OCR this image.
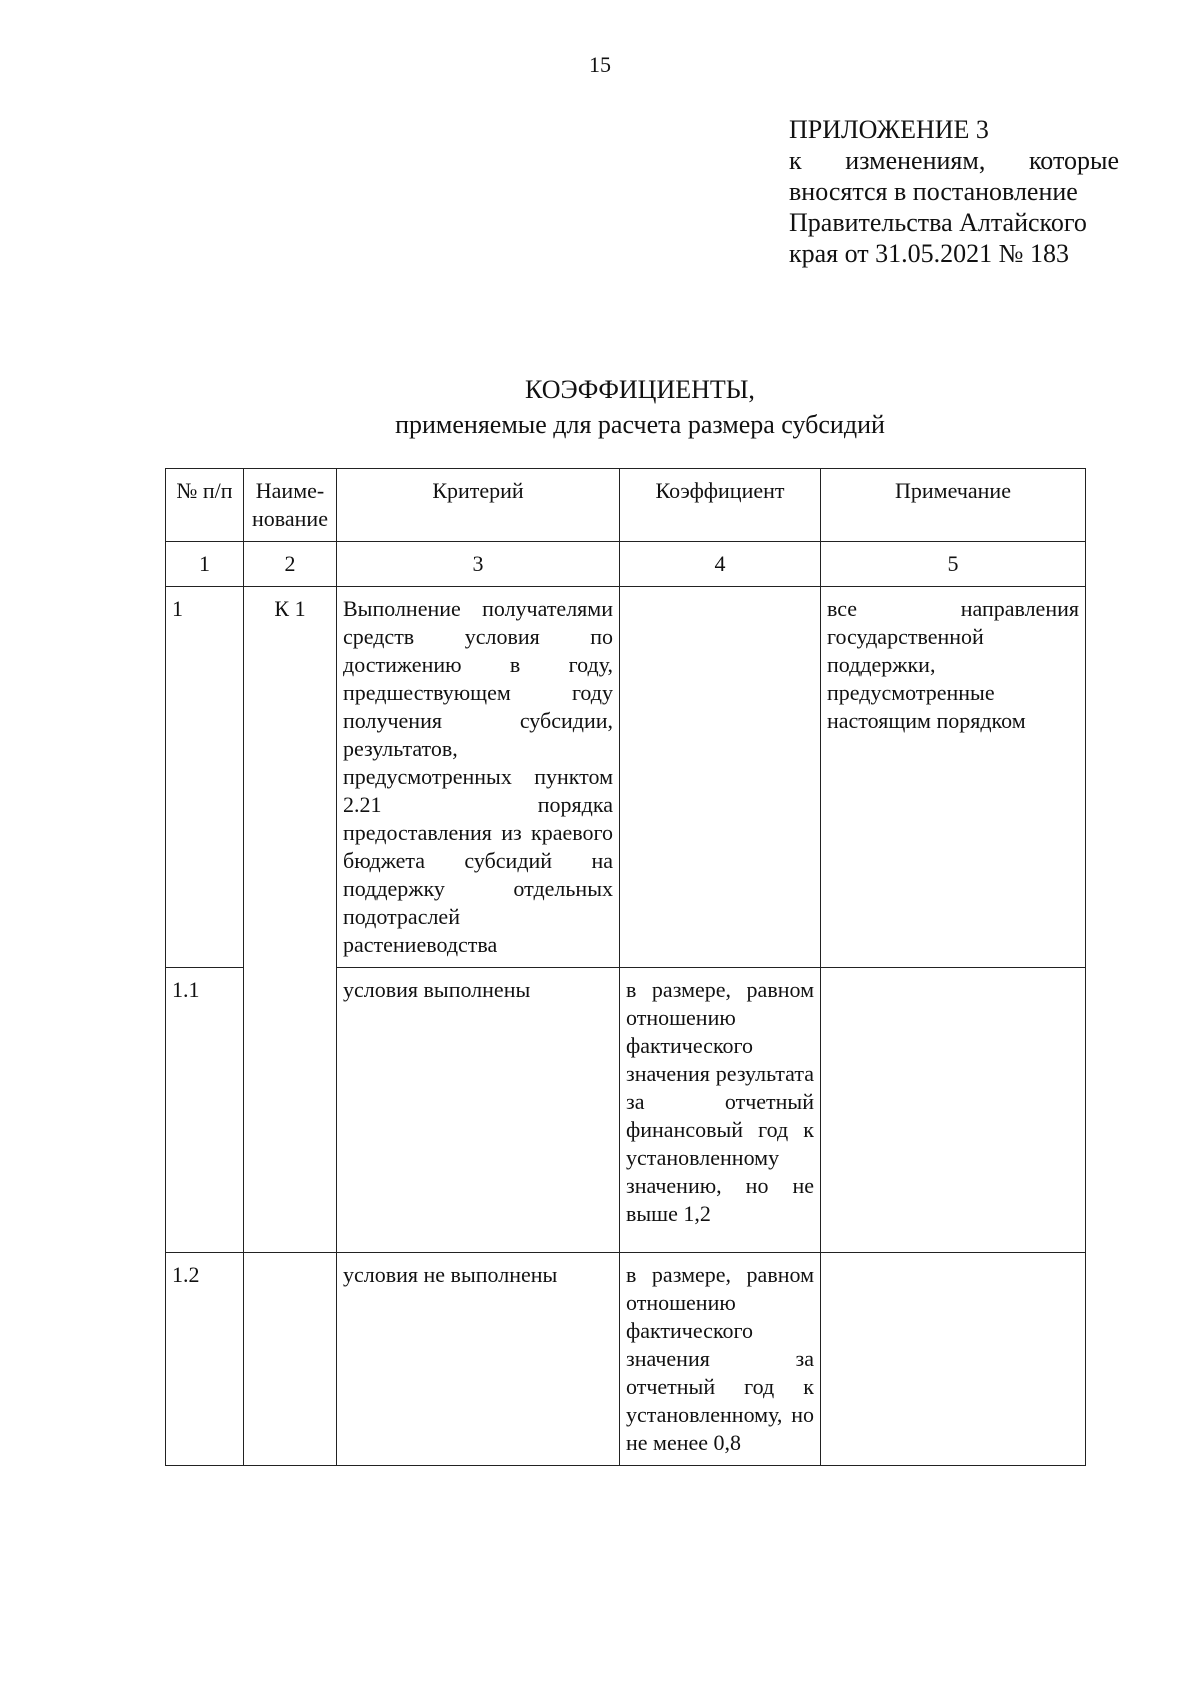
15
ПРИЛОЖЕНИЕ 3
к изменениям, которые
вносятся в постановление
Правительства Алтайского
края от 31.05.2021 № 183
КОЭФФИЦИЕНТЫ,
применяемые для расчета размера субсидий
№ п/п	Наиме-нование	Критерий	Коэффициент	Примечание

1	2	3	4	5

1	К 1	Выполнение получателями средств условия по достижению в году, предшествующем году получения субсидии, результатов, предусмотренных пунктом 2.21 порядка предоставления из краевого бюджета субсидий на поддержку отдельных подотраслей растениеводства		все направления государственной поддержки, предусмотренные настоящим порядком

1.1		условия выполнены	в размере, равном отношению фактического значения результата за отчетный финансовый год к установленному значению, но не выше 1,2	

1.2		условия не выполнены	в размере, равном отношению фактического значения за отчетный год к установленному, но не менее 0,8	
